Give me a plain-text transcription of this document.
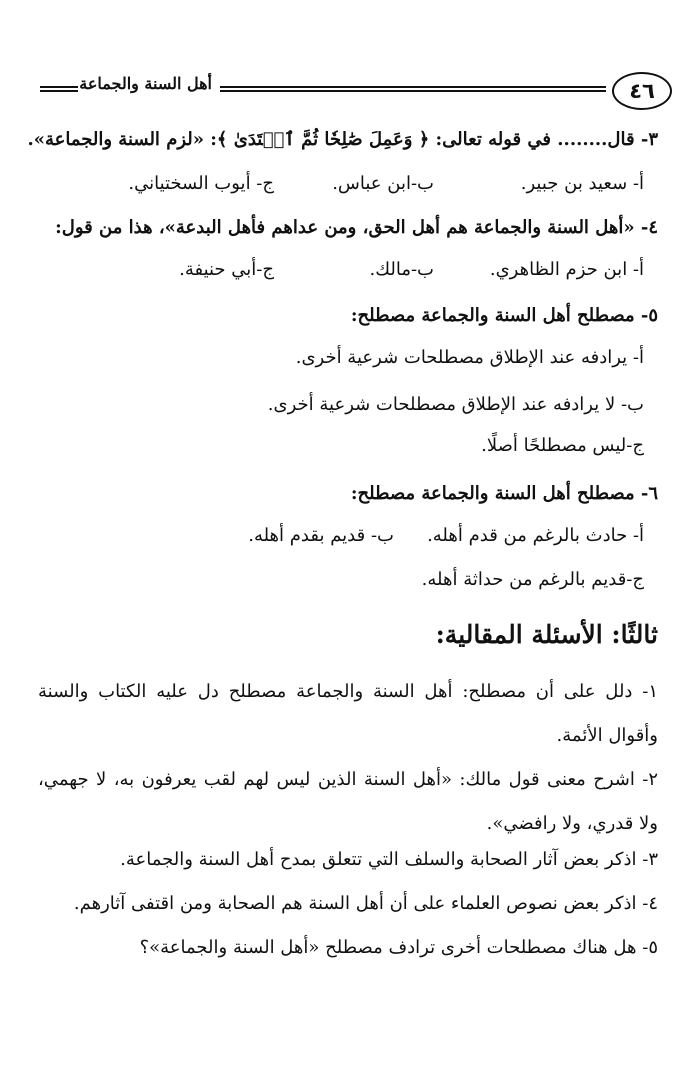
٤٦
أهل السنة والجماعة
٣- قال........ في قوله تعالى: ﴿ وَعَمِلَ صَٰلِحٗا ثُمَّ ٱهۡتَدَىٰ ﴾: «لزم السنة والجماعة».
أ- سعيد بن جبير.
ب-ابن عباس.
ج- أيوب السختياني.
٤- «أهل السنة والجماعة هم أهل الحق، ومن عداهم فأهل البدعة»، هذا من قول:
أ- ابن حزم الظاهري.
ب-مالك.
ج-أبي حنيفة.
٥- مصطلح أهل السنة والجماعة مصطلح:
أ- يرادفه عند الإطلاق مصطلحات شرعية أخرى.
ب- لا يرادفه عند الإطلاق مصطلحات شرعية أخرى.
ج-ليس مصطلحًا أصلًا.
٦- مصطلح أهل السنة والجماعة مصطلح:
أ- حادث بالرغم من قدم أهله.
ب- قديم بقدم أهله.
ج-قديم بالرغم من حداثة أهله.
ثالثًا: الأسئلة المقالية:
١- دلل على أن مصطلح: أهل السنة والجماعة مصطلح دل عليه الكتاب والسنة وأقوال الأئمة.
٢- اشرح معنى قول مالك: «أهل السنة الذين ليس لهم لقب يعرفون به، لا جهمي، ولا قدري، ولا رافضي».
٣- اذكر بعض آثار الصحابة والسلف التي تتعلق بمدح أهل السنة والجماعة.
٤- اذكر بعض نصوص العلماء على أن أهل السنة هم الصحابة ومن اقتفى آثارهم.
٥- هل هناك مصطلحات أخرى ترادف مصطلح «أهل السنة والجماعة»؟
